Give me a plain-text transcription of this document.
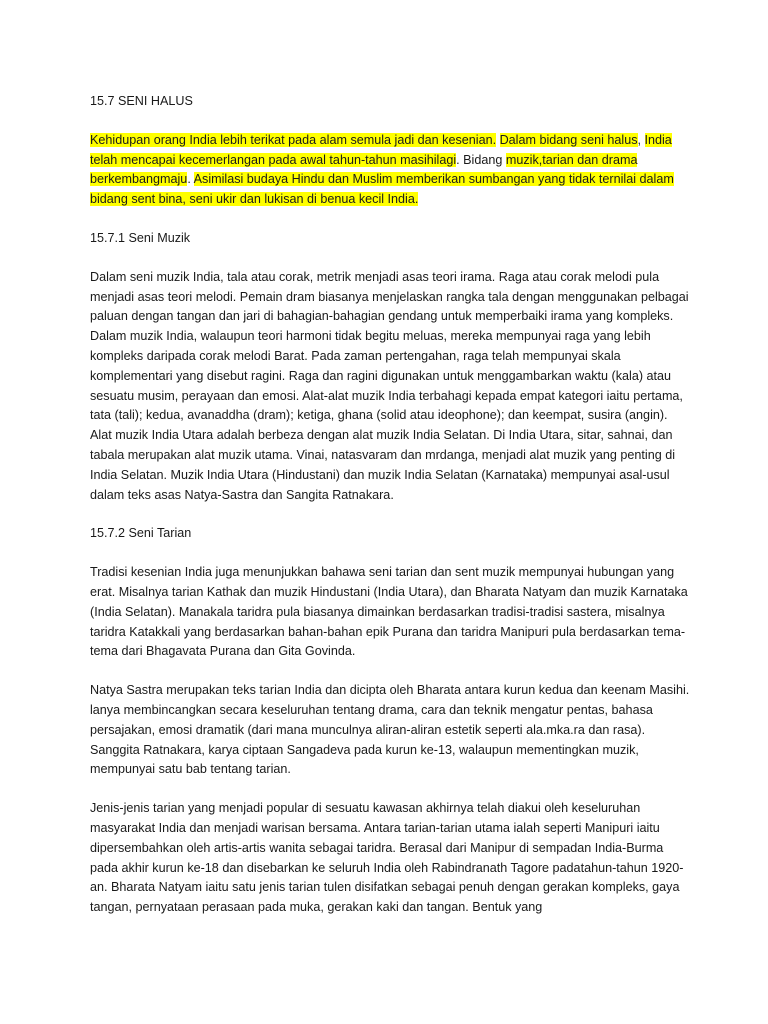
15.7 SENI HALUS

Kehidupan orang India lebih terikat pada alam semula jadi dan kesenian. Dalam bidang seni halus, India telah mencapai kecemerlangan pada awal tahun-tahun masihilagi. Bidang muzik,tarian dan drama berkembangmaju. Asimilasi budaya Hindu dan Muslim memberikan sumbangan yang tidak ternilai dalam bidang sent bina, seni ukir dan lukisan di benua kecil India.

15.7.1 Seni Muzik

Dalam seni muzik India, tala atau corak, metrik menjadi asas teori irama. Raga atau corak melodi pula menjadi asas teori melodi. Pemain dram biasanya menjelaskan rangka tala dengan menggunakan pelbagai paluan dengan tangan dan jari di bahagian-bahagian gendang untuk memperbaiki irama yang kompleks. Dalam muzik India, walaupun teori harmoni tidak begitu meluas, mereka mempunyai raga yang lebih kompleks daripada corak melodi Barat. Pada zaman pertengahan, raga telah mempunyai skala komplementari yang disebut ragini. Raga dan ragini digunakan untuk menggambarkan waktu (kala) atau sesuatu musim, perayaan dan emosi. Alat-alat muzik India terbahagi kepada empat kategori iaitu pertama, tata (tali); kedua, avanaddha (dram); ketiga, ghana (solid atau ideophone); dan keempat, susira (angin). Alat muzik India Utara adalah berbeza dengan alat muzik India Selatan. Di India Utara, sitar, sahnai, dan tabala merupakan alat muzik utama. Vinai, natasvaram dan mrdanga, menjadi alat muzik yang penting di India Selatan. Muzik India Utara (Hindustani) dan muzik India Selatan (Karnataka) mempunyai asal-usul dalam teks asas Natya-Sastra dan Sangita Ratnakara.

15.7.2 Seni Tarian

Tradisi kesenian India juga menunjukkan bahawa seni tarian dan sent muzik mempunyai hubungan yang erat. Misalnya tarian Kathak dan muzik Hindustani (India Utara), dan Bharata Natyam dan muzik Karnataka (India Selatan). Manakala taridra pula biasanya dimainkan berdasarkan tradisi-tradisi sastera, misalnya taridra Katakkali yang berdasarkan bahan-bahan epik Purana dan taridra Manipuri pula berdasarkan tema-tema dari Bhagavata Purana dan Gita Govinda.

Natya Sastra merupakan teks tarian India dan dicipta oleh Bharata antara kurun kedua dan keenam Masihi. lanya membincangkan secara keseluruhan tentang drama, cara dan teknik mengatur pentas, bahasa persajakan, emosi dramatik (dari mana munculnya aliran-aliran estetik seperti ala.mka.ra dan rasa). Sanggita Ratnakara, karya ciptaan Sangadeva pada kurun ke-13, walaupun mementingkan muzik, mempunyai satu bab tentang tarian.

Jenis-jenis tarian yang menjadi popular di sesuatu kawasan akhirnya telah diakui oleh keseluruhan masyarakat India dan menjadi warisan bersama. Antara tarian-tarian utama ialah seperti Manipuri iaitu dipersembahkan oleh artis-artis wanita sebagai taridra. Berasal dari Manipur di sempadan India-Burma pada akhir kurun ke-18 dan disebarkan ke seluruh India oleh Rabindranath Tagore padatahun-tahun 1920-an. Bharata Natyam iaitu satu jenis tarian tulen disifatkan sebagai penuh dengan gerakan kompleks, gaya tangan, pernyataan perasaan pada muka, gerakan kaki dan tangan. Bentuk yang
